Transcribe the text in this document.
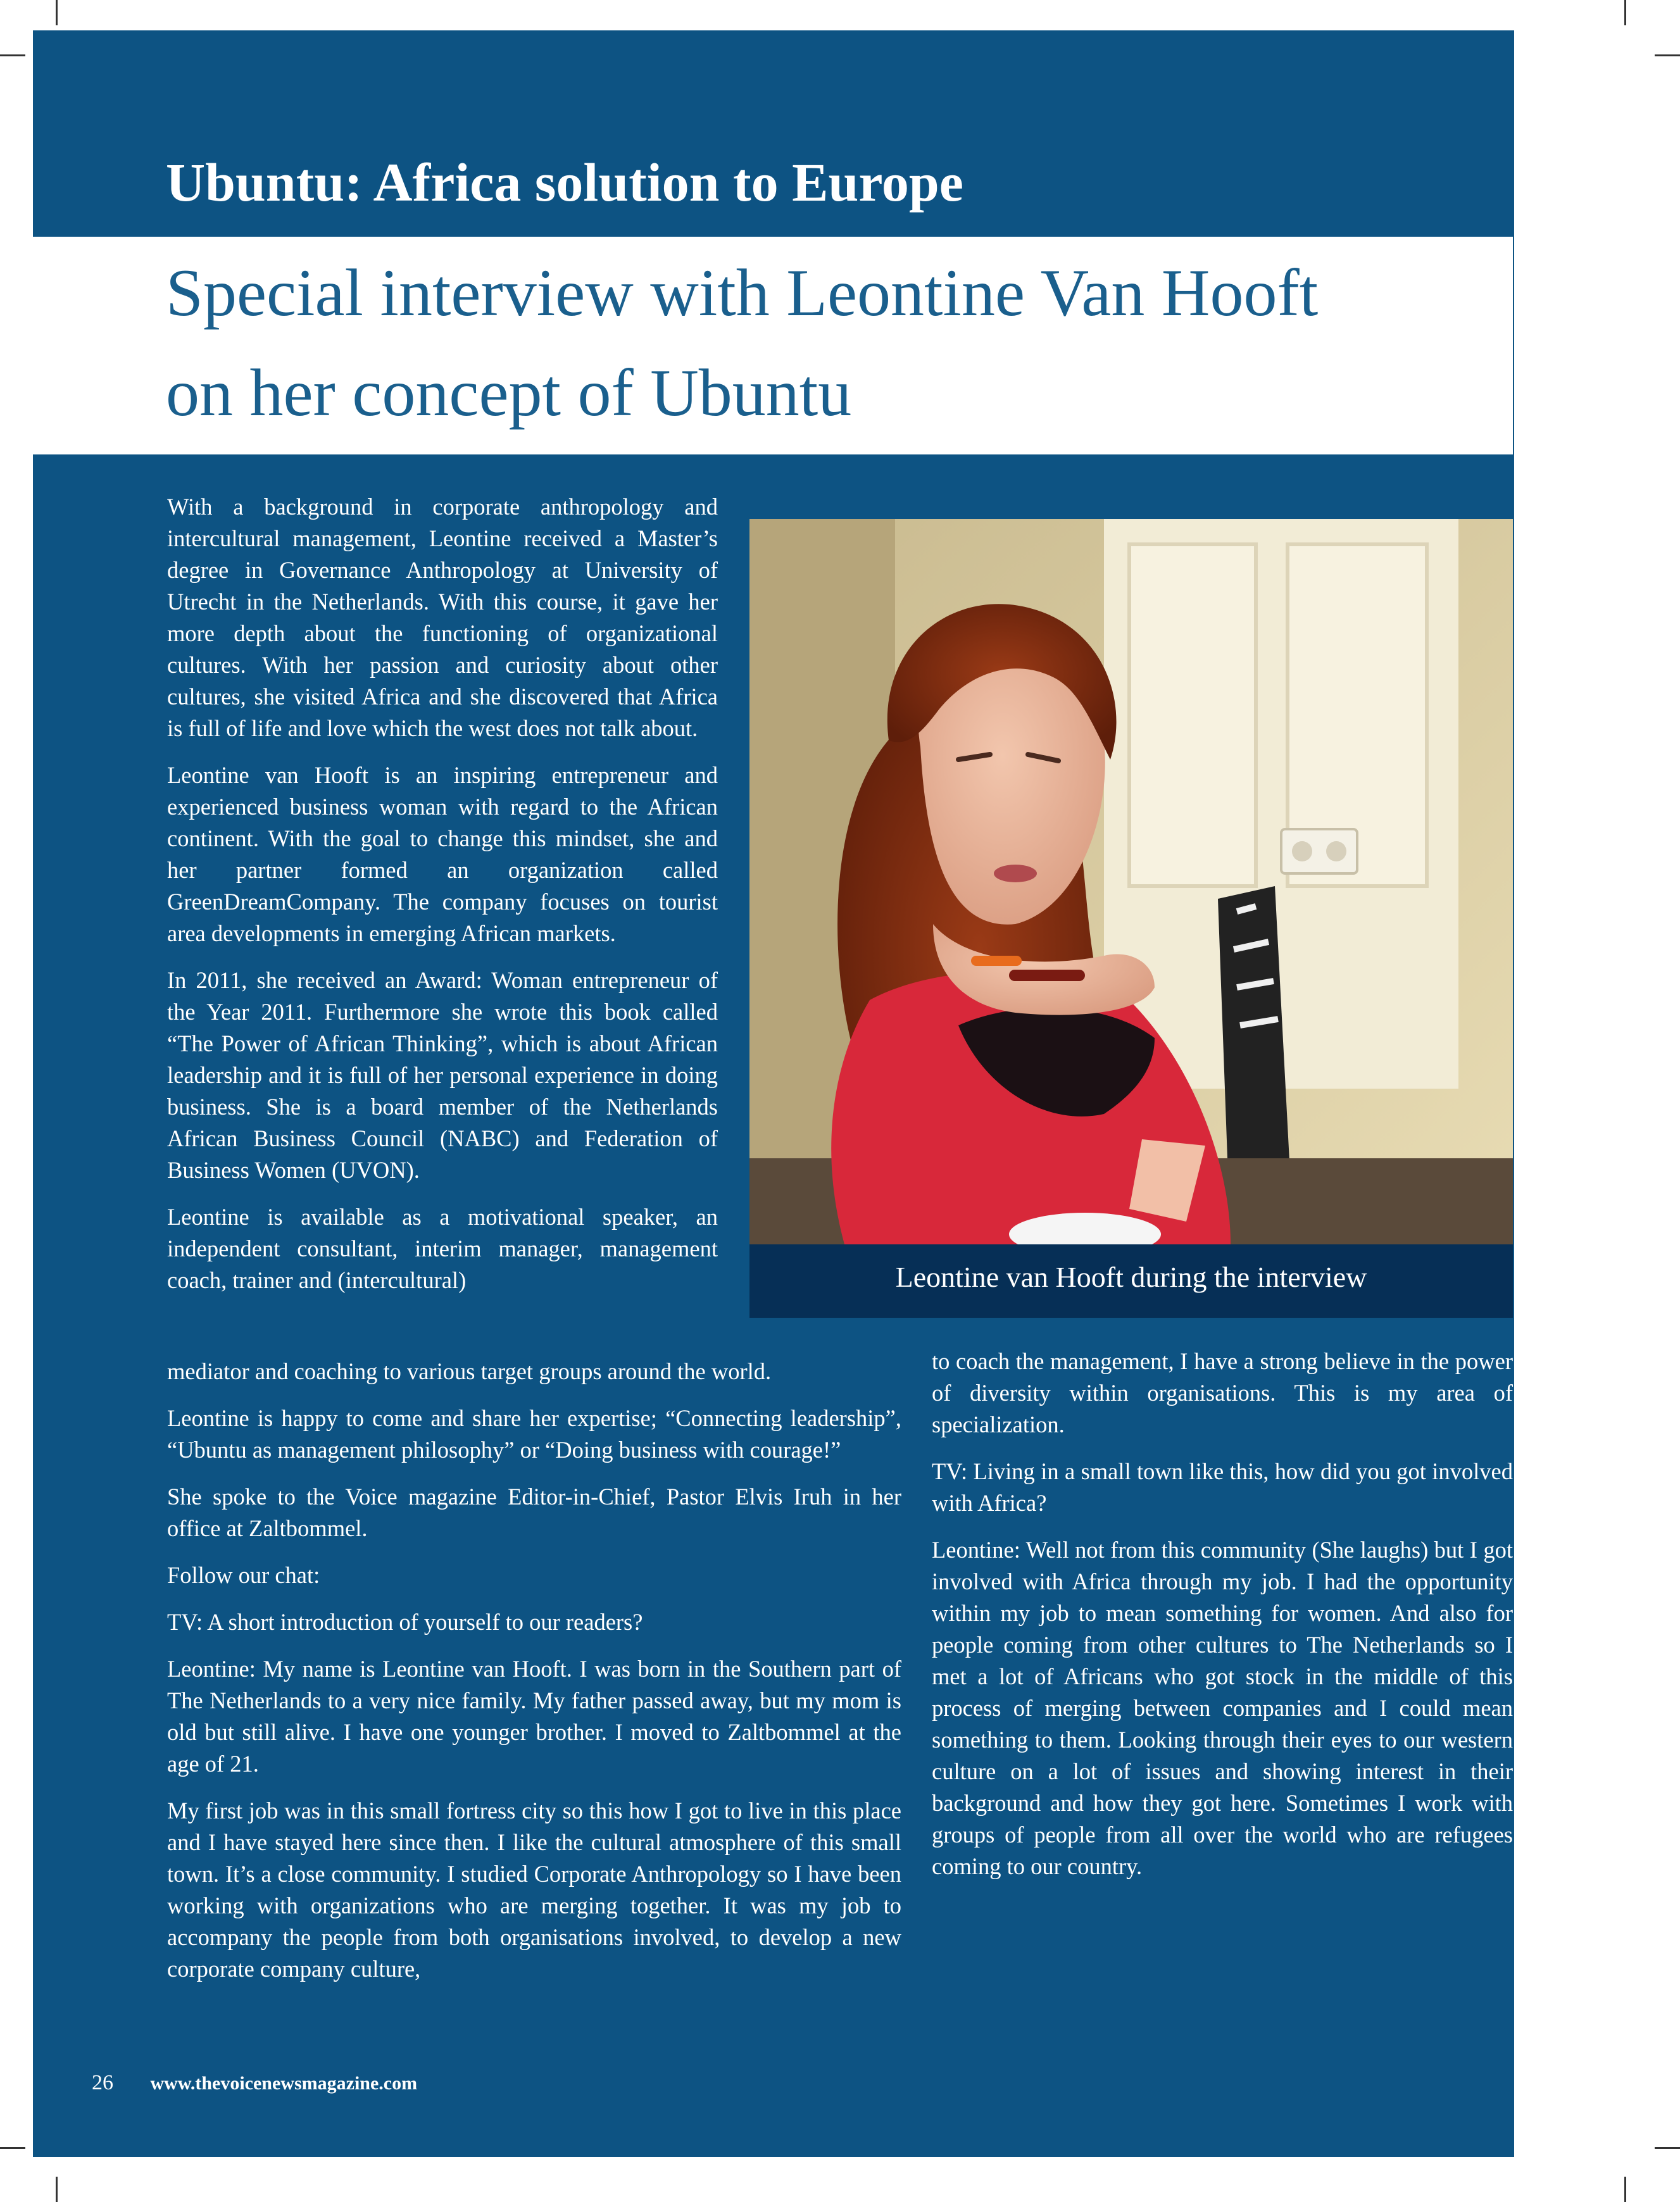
Ubuntu: Africa solution to Europe
Special interview with Leontine Van Hooft
on her concept of Ubuntu

With a background in corporate anthropology and intercultural management, Leontine received a Master’s degree in Governance Anthropology at University of Utrecht in the Netherlands. With this course, it gave her more depth about the functioning of organizational cultures. With her passion and curiosity about other cultures, she visited Africa and she discovered that Africa is full of life and love which the west does not talk about.

Leontine van Hooft is an inspiring entrepreneur and experienced business woman with regard to the African continent. With the goal to change this mindset, she and her partner formed an organization called GreenDreamCompany. The company focuses on tourist area developments in emerging African markets.

In 2011, she received an Award: Woman entrepreneur of the Year 2011. Furthermore she wrote this book called “The Power of African Thinking”, which is about African leadership and it is full of her personal experience in doing business. She is a board member of the Netherlands African Business Council (NABC) and Federation of Business Women (UVON).

Leontine is available as a motivational speaker, an independent consultant, interim manager, management coach, trainer and (intercultural)	Leontine van Hooft during the interview

mediator and coaching to various target groups around the world.

Leontine is happy to come and share her expertise; “Connecting leadership”, “Ubuntu as management philosophy” or “Doing business with courage!”

She spoke to the Voice magazine Editor-in-Chief, Pastor Elvis Iruh in her office at Zaltbommel.

Follow our chat:

TV: A short introduction of yourself to our readers?

Leontine: My name is Leontine van Hooft. I was born in the Southern part of The Netherlands to a very nice family. My father passed away, but my mom is old but still alive. I have one younger brother. I moved to Zaltbommel at the age of 21.

My first job was in this small fortress city so this how I got to live in this place and I have stayed here since then. I like the cultural atmosphere of this small town. It’s a close community. I studied Corporate Anthropology so I have been working with organizations who are merging together. It was my job to accompany the people from both organisations involved, to develop a new corporate company culture,

to coach the management, I have a strong believe in the power of diversity within organisations. This is my area of specialization.

TV: Living in a small town like this, how did you got involved with Africa?

Leontine: Well not from this community (She laughs) but I got involved with Africa through my job. I had the opportunity within my job to mean something for women. And also for people coming from other cultures to The Netherlands so I met a lot of Africans who got stock in the middle of this process of merging between companies and I could mean something to them. Looking through their eyes to our western culture on a lot of issues and showing interest in their background and how they got here. Sometimes I work with groups of people from all over the world who are refugees coming to our country.

26 www.thevoicenewsmagazine.com
